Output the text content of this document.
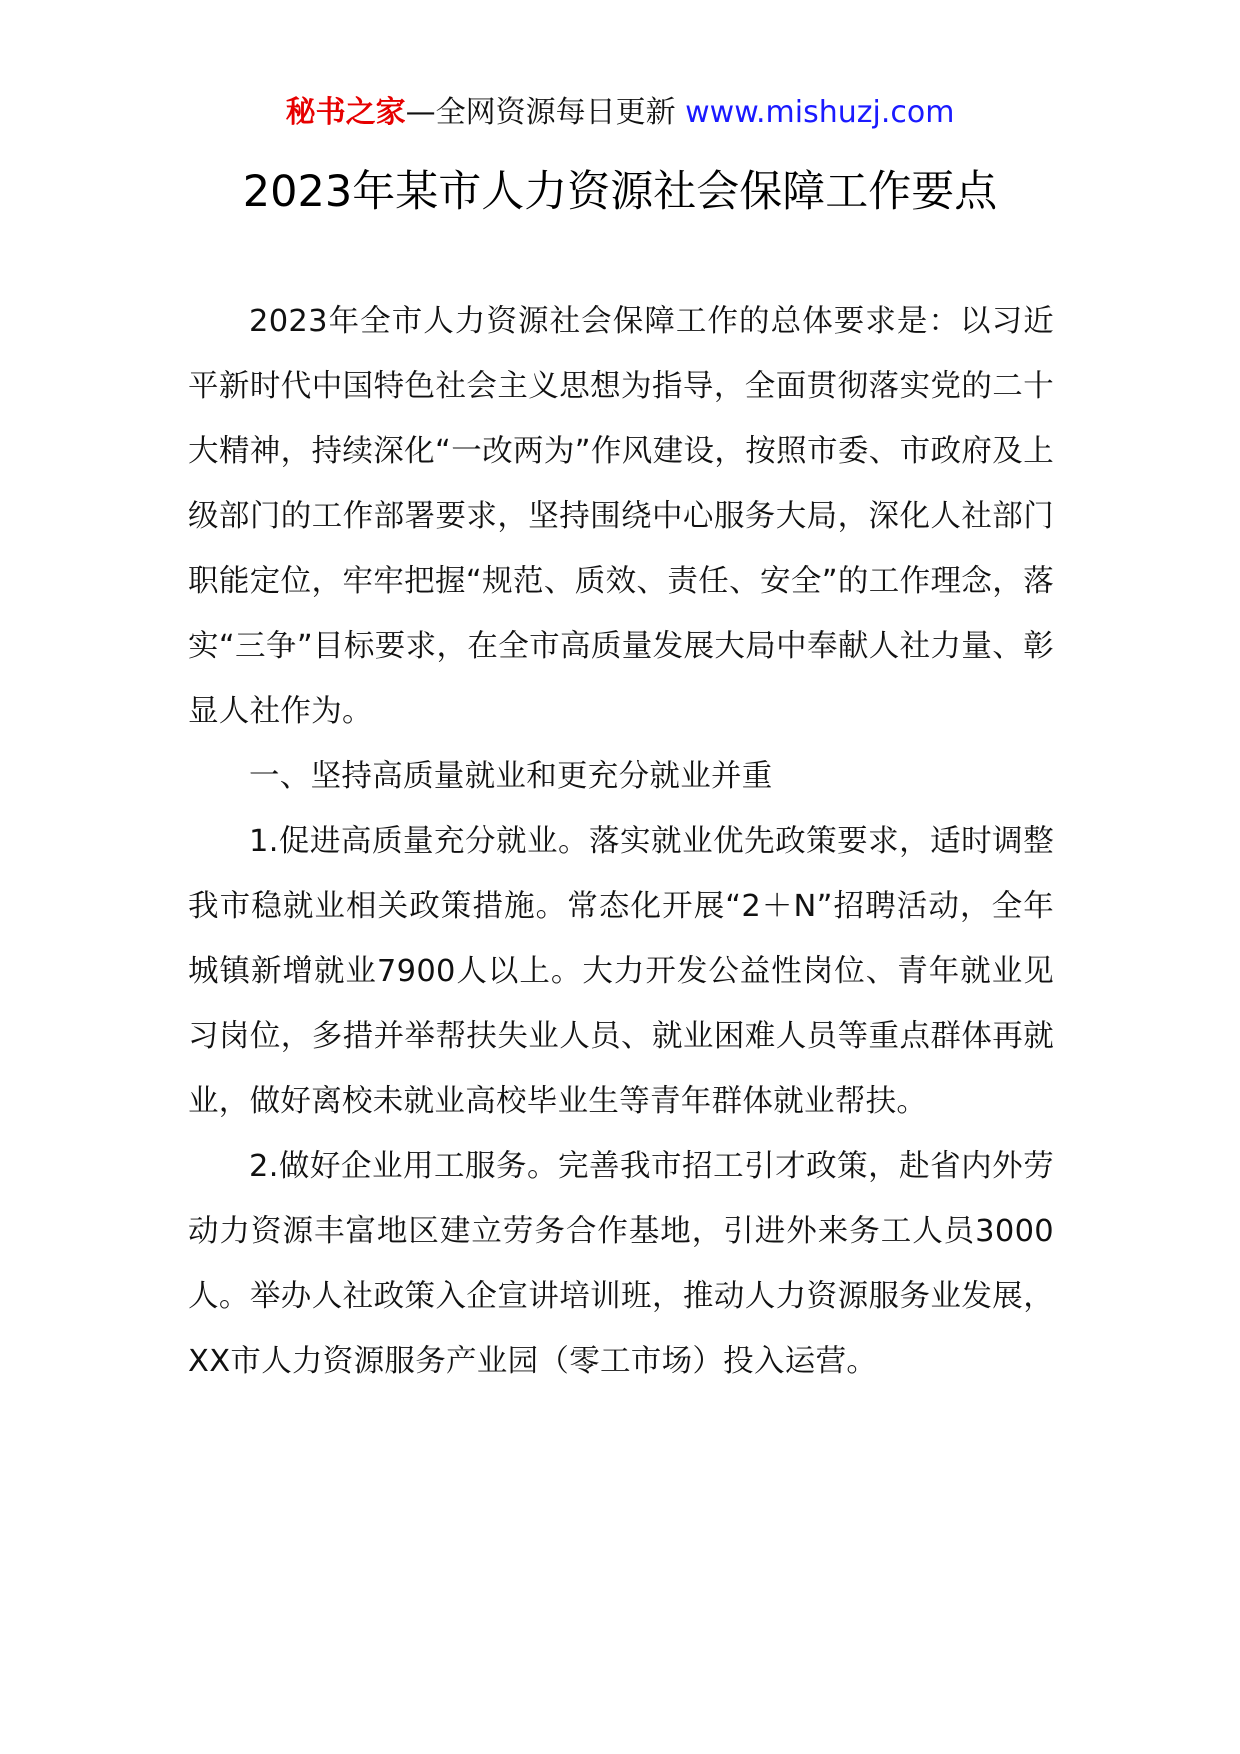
秘书之家—全网资源每日更新 www.mishuzj.com
2023年某市人力资源社会保障工作要点

2023年全市人力资源社会保障工作的总体要求是：以习近平新时代中国特色社会主义思想为指导，全面贯彻落实党的二十大精神，持续深化“一改两为”作风建设，按照市委、市政府及上级部门的工作部署要求，坚持围绕中心服务大局，深化人社部门职能定位，牢牢把握“规范、质效、责任、安全”的工作理念，落实“三争”目标要求，在全市高质量发展大局中奉献人社力量、彰显人社作为。

一、坚持高质量就业和更充分就业并重

1.促进高质量充分就业。落实就业优先政策要求，适时调整我市稳就业相关政策措施。常态化开展“2＋N”招聘活动，全年城镇新增就业7900人以上。大力开发公益性岗位、青年就业见习岗位，多措并举帮扶失业人员、就业困难人员等重点群体再就业，做好离校未就业高校毕业生等青年群体就业帮扶。

2.做好企业用工服务。完善我市招工引才政策，赴省内外劳动力资源丰富地区建立劳务合作基地，引进外来务工人员3000人。举办人社政策入企宣讲培训班，推动人力资源服务业发展，XX市人力资源服务产业园（零工市场）投入运营。
